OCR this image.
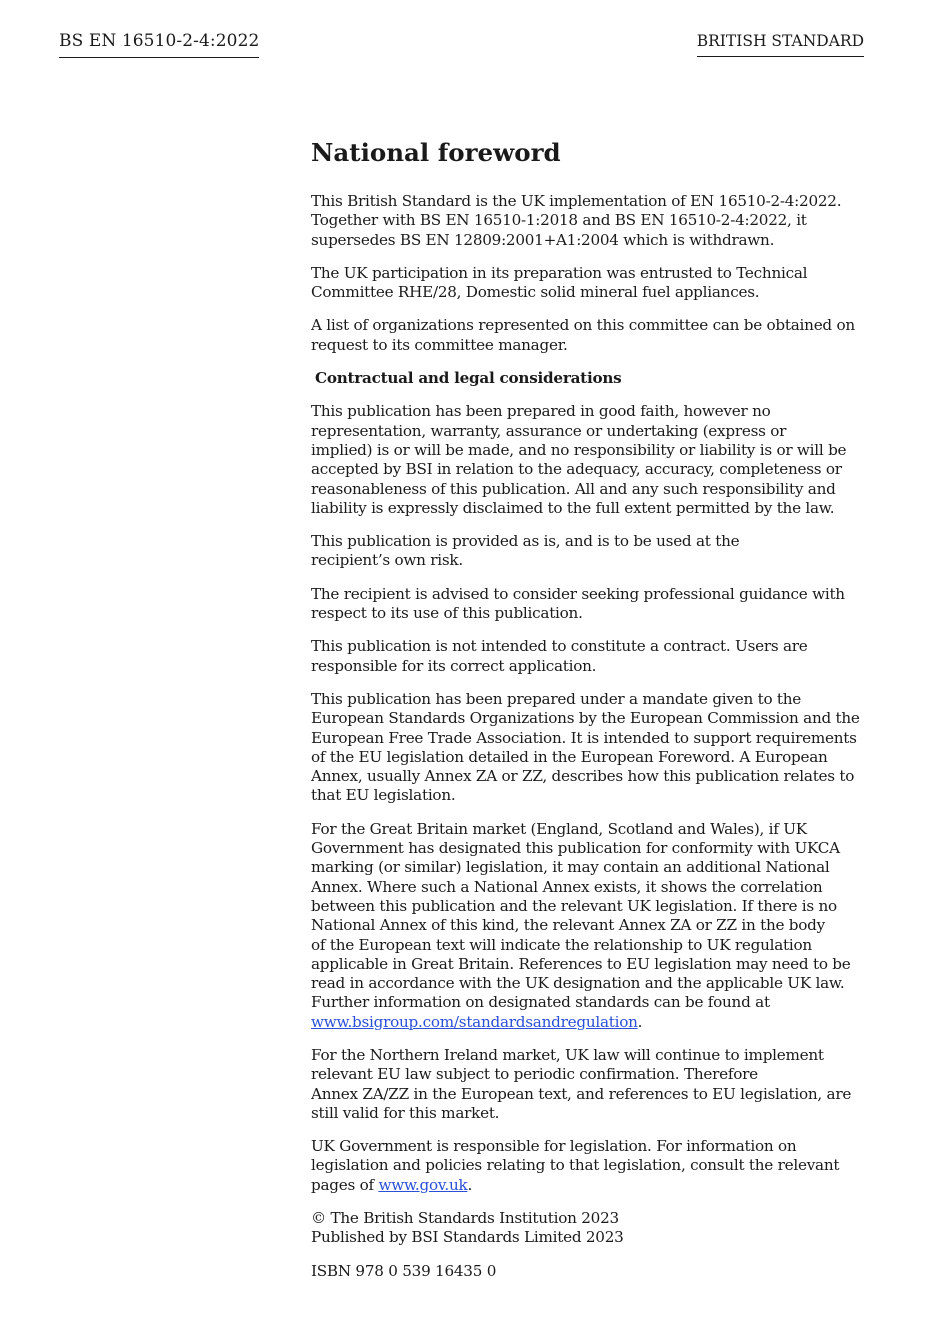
BS EN 16510-2-4:2022	BRITISH STANDARD
National foreword

This British Standard is the UK implementation of EN 16510-2-4:2022.
Together with BS EN 16510-1:2018 and BS EN 16510-2-4:2022, it
supersedes BS EN 12809:2001+A1:2004 which is withdrawn.

The UK participation in its preparation was entrusted to Technical
Committee RHE/28, Domestic solid mineral fuel appliances.

A list of organizations represented on this committee can be obtained on
request to its committee manager.

Contractual and legal considerations

This publication has been prepared in good faith, however no
representation, warranty, assurance or undertaking (express or
implied) is or will be made, and no responsibility or liability is or will be
accepted by BSI in relation to the adequacy, accuracy, completeness or
reasonableness of this publication. All and any such responsibility and
liability is expressly disclaimed to the full extent permitted by the law.

This publication is provided as is, and is to be used at the
recipient’s own risk.

The recipient is advised to consider seeking professional guidance with
respect to its use of this publication.

This publication is not intended to constitute a contract. Users are
responsible for its correct application.

This publication has been prepared under a mandate given to the
European Standards Organizations by the European Commission and the
European Free Trade Association. It is intended to support requirements
of the EU legislation detailed in the European Foreword. A European
Annex, usually Annex ZA or ZZ, describes how this publication relates to
that EU legislation.

For the Great Britain market (England, Scotland and Wales), if UK
Government has designated this publication for conformity with UKCA
marking (or similar) legislation, it may contain an additional National
Annex. Where such a National Annex exists, it shows the correlation
between this publication and the relevant UK legislation. If there is no
National Annex of this kind, the relevant Annex ZA or ZZ in the body
of the European text will indicate the relationship to UK regulation
applicable in Great Britain. References to EU legislation may need to be
read in accordance with the UK designation and the applicable UK law.
Further information on designated standards can be found at
www.bsigroup.com/standardsandregulation.

For the Northern Ireland market, UK law will continue to implement
relevant EU law subject to periodic confirmation. Therefore
Annex ZA/ZZ in the European text, and references to EU legislation, are
still valid for this market.

UK Government is responsible for legislation. For information on
legislation and policies relating to that legislation, consult the relevant
pages of www.gov.uk.

© The British Standards Institution 2023
Published by BSI Standards Limited 2023

ISBN 978 0 539 16435 0
